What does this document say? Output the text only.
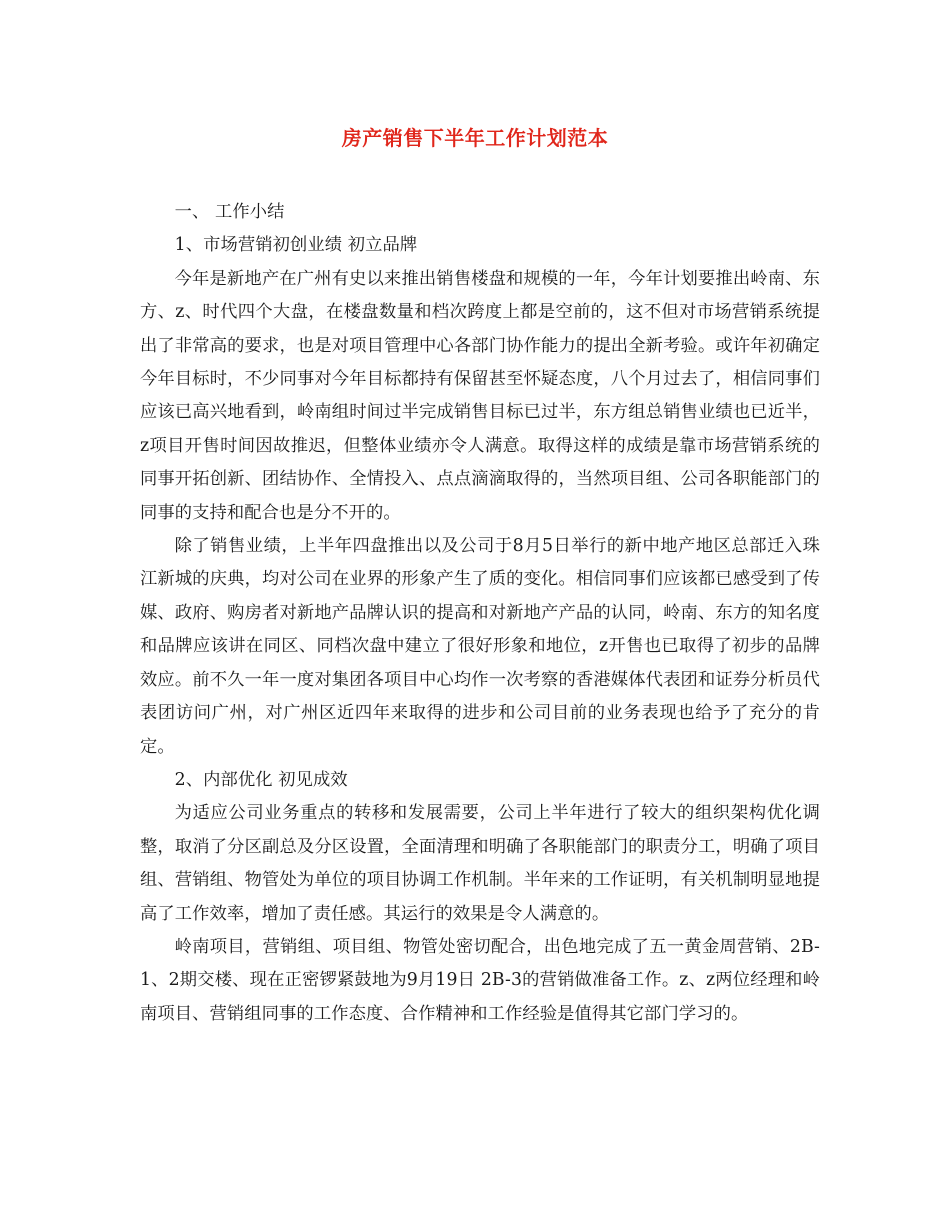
房产销售下半年工作计划范本

一、 工作小结

1、市场营销初创业绩 初立品牌

今年是新地产在广州有史以来推出销售楼盘和规模的一年，今年计划要推出岭南、东方、z、时代四个大盘，在楼盘数量和档次跨度上都是空前的，这不但对市场营销系统提出了非常高的要求，也是对项目管理中心各部门协作能力的提出全新考验。或许年初确定今年目标时，不少同事对今年目标都持有保留甚至怀疑态度，八个月过去了，相信同事们应该已高兴地看到，岭南组时间过半完成销售目标已过半，东方组总销售业绩也已近半，z项目开售时间因故推迟，但整体业绩亦令人满意。取得这样的成绩是靠市场营销系统的同事开拓创新、团结协作、全情投入、点点滴滴取得的，当然项目组、公司各职能部门的同事的支持和配合也是分不开的。

除了销售业绩，上半年四盘推出以及公司于8月5日举行的新中地产地区总部迁入珠江新城的庆典，均对公司在业界的形象产生了质的变化。相信同事们应该都已感受到了传媒、政府、购房者对新地产品牌认识的提高和对新地产产品的认同，岭南、东方的知名度和品牌应该讲在同区、同档次盘中建立了很好形象和地位，z开售也已取得了初步的品牌效应。前不久一年一度对集团各项目中心均作一次考察的香港媒体代表团和证券分析员代表团访问广州，对广州区近四年来取得的进步和公司目前的业务表现也给予了充分的肯定。

2、内部优化 初见成效

为适应公司业务重点的转移和发展需要，公司上半年进行了较大的组织架构优化调整，取消了分区副总及分区设置，全面清理和明确了各职能部门的职责分工，明确了项目组、营销组、物管处为单位的项目协调工作机制。半年来的工作证明，有关机制明显地提高了工作效率，增加了责任感。其运行的效果是令人满意的。

岭南项目，营销组、项目组、物管处密切配合，出色地完成了五一黄金周营销、2B-1、2期交楼、现在正密锣紧鼓地为9月19日 2B-3的营销做准备工作。z、z两位经理和岭南项目、营销组同事的工作态度、合作精神和工作经验是值得其它部门学习的。
